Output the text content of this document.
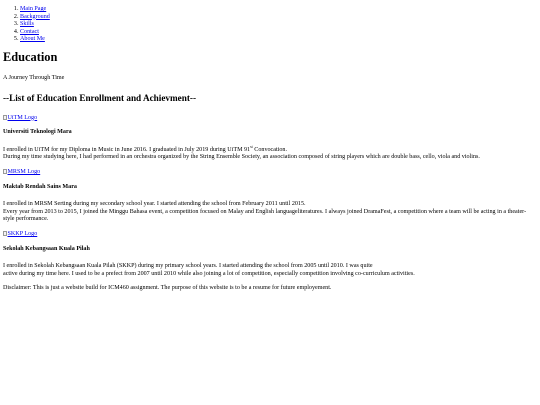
1. Main Page
2. Background
3. Skills
4. Contact
5. About Me
Education
A Journey Through Time
--List of Education Enrollment and Achievment--
UiTM Logo
Universiti Teknologi Mara

I enrolled in UiTM for my Diploma in Music in June 2016. I graduated in July 2019 during UiTM 91st Convocation.
During my time studying here, I had performed in an orchestra organized by the String Ensemble Society, an association composed of string players which are double bass, cello, viola and violins.

MRSM Logo
Maktab Rendah Sains Mara

I enrolled in MRSM Serting during my secondary school year. I started attending the school from February 2011 until 2015.
Every year from 2013 to 2015, I joined the Minggu Bahasa event, a competition focused on Malay and English languageliteratures. I always joined DramaFest, a competition where a team will be acting in a theater-style performance.

SKKP Logo
Sekolah Kebangsaan Kuala Pilah

I enrolled in Sekolah Kebangsaan Kuala Pilah (SKKP) during my primary school years. I started attending the school from 2005 until 2010. I was quite
active during my time here. I used to be a prefect from 2007 until 2010 while also joining a lot of competition, especially competition involving co-curriculum activities.

Disclaimer: This is just a website build for ICM460 assignment. The purpose of this website is to be a resume for future employement.
